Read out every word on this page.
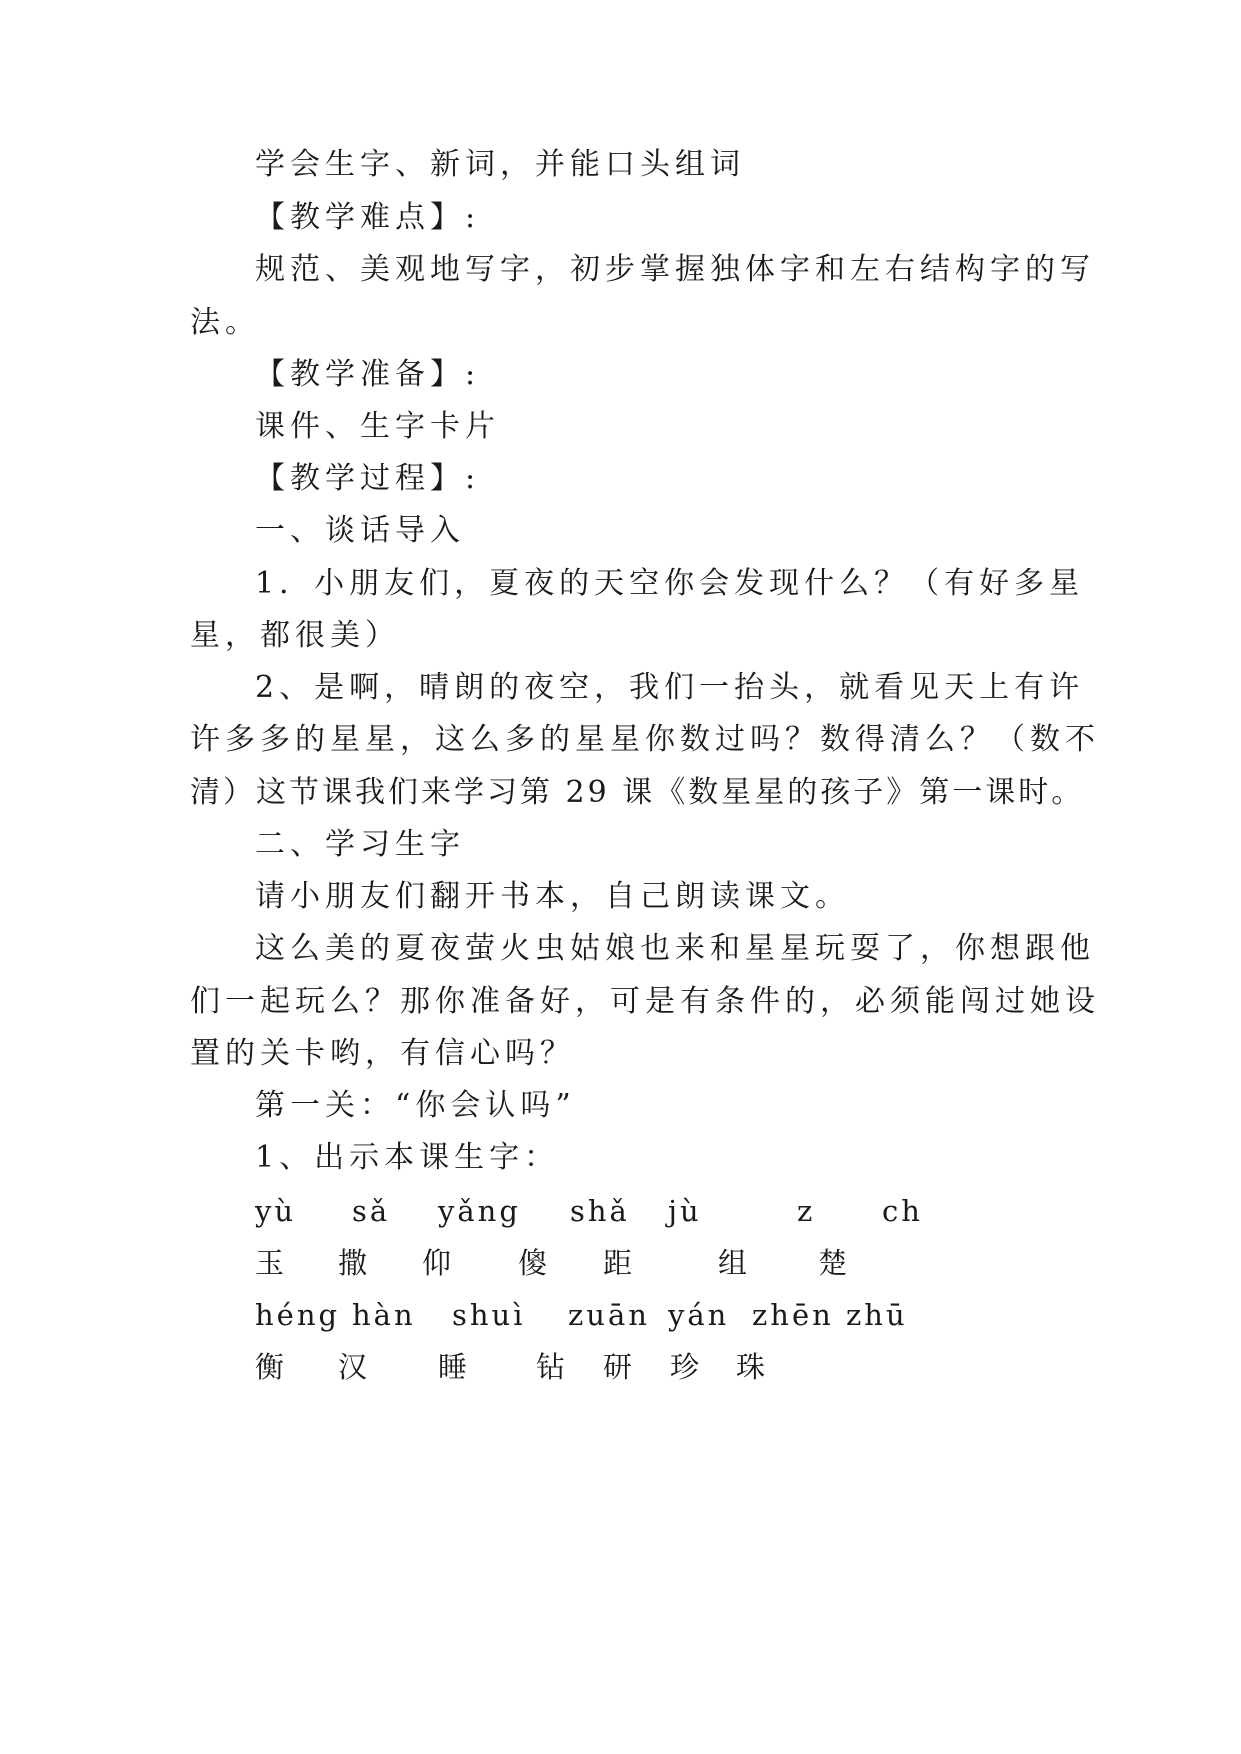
学会生字、新词，并能口头组词

【教学难点】:

规范、美观地写字，初步掌握独体字和左右结构字的写

法。

【教学准备】:

课件、生字卡片

【教学过程】:

一、谈话导入

1．小朋友们，夏夜的天空你会发现什么？（有好多星

星，都很美）

2、是啊，晴朗的夜空，我们一抬头，就看见天上有许

许多多的星星，这么多的星星你数过吗？数得清么？（数不

清）这节课我们来学习第 29 课《数星星的孩子》第一课时。

二、学习生字

请小朋友们翻开书本，自己朗读课文。

这么美的夏夜萤火虫姑娘也来和星星玩耍了，你想跟他

们一起玩么？那你准备好，可是有条件的，必须能闯过她设

置的关卡哟，有信心吗？

第一关：“你会认吗”

1、出示本课生字：

yù sǎ yǎng shǎ jù	z ch
玉 撒 仰 傻 距	组 楚
héng hàn shuì zuān yán zhēn zhū
衡 汉 睡 钻 研 珍 珠
